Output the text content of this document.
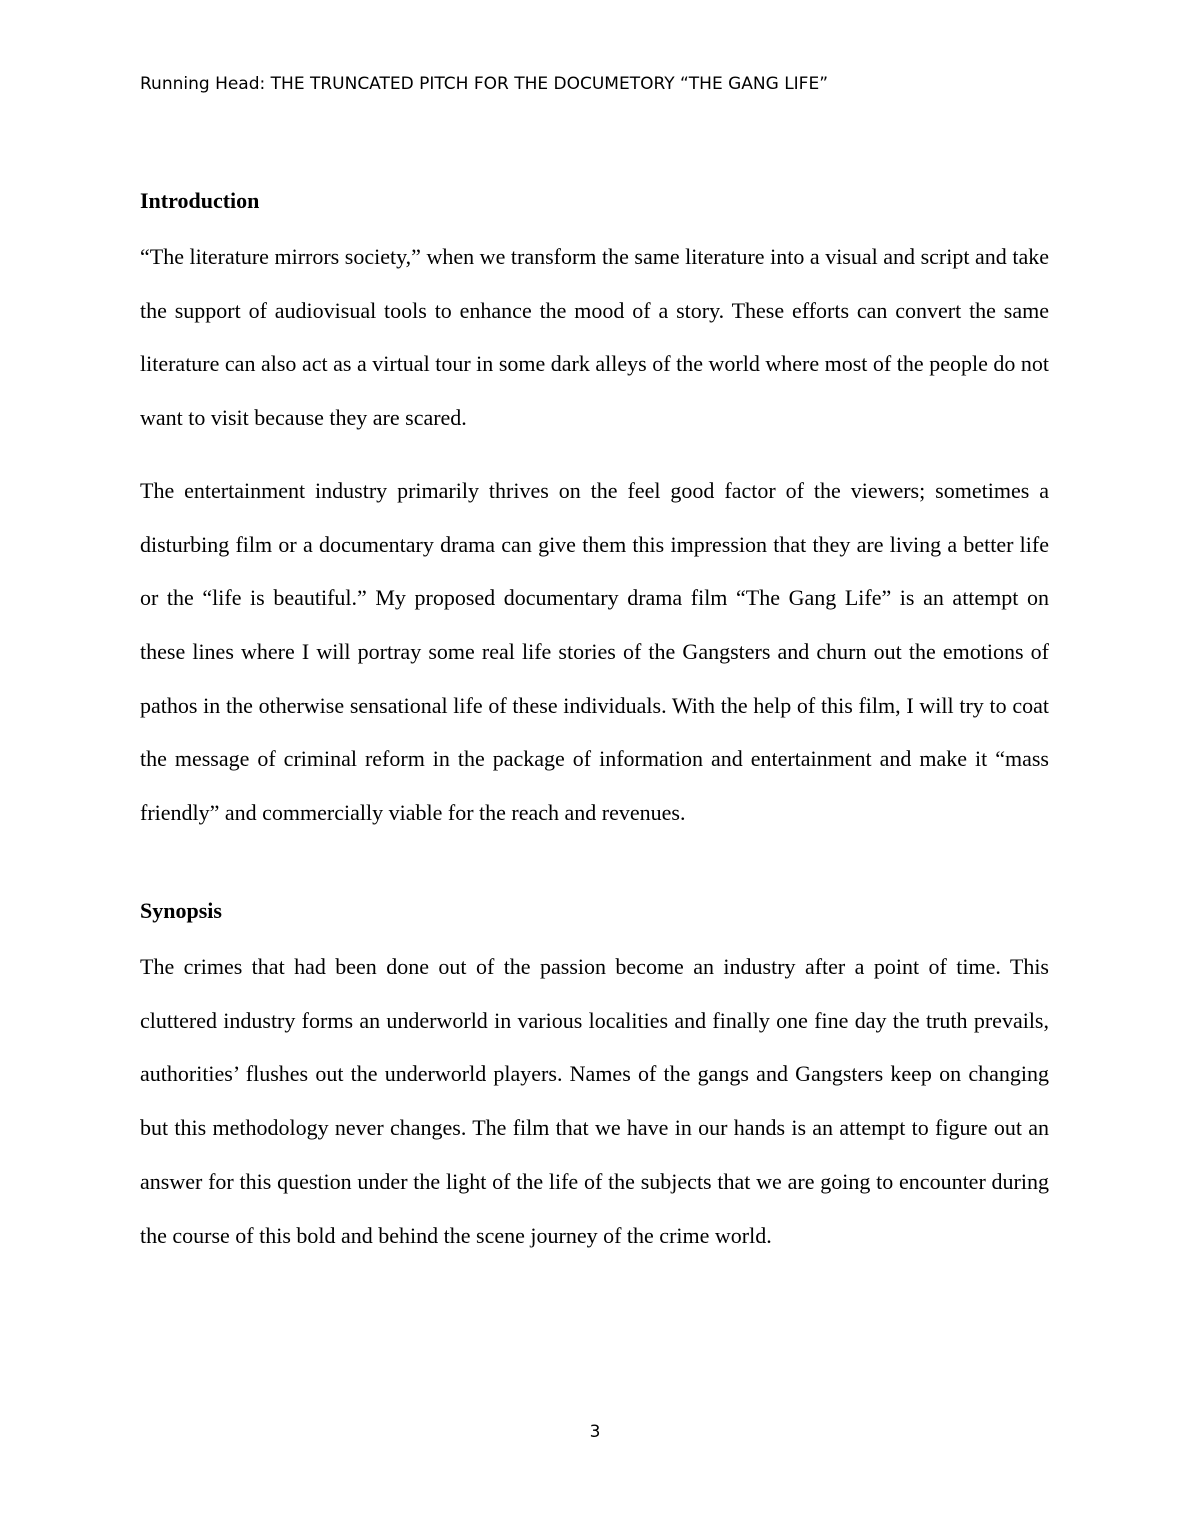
Running Head: THE TRUNCATED PITCH FOR THE DOCUMETORY “THE GANG LIFE”
Introduction

“The literature mirrors society,” when we transform the same literature into a visual and script and take the support of audiovisual tools to enhance the mood of a story. These efforts can convert the same literature can also act as a virtual tour in some dark alleys of the world where most of the people do not want to visit because they are scared.

The entertainment industry primarily thrives on the feel good factor of the viewers; sometimes a disturbing film or a documentary drama can give them this impression that they are living a better life or the “life is beautiful.” My proposed documentary drama film “The Gang Life” is an attempt on these lines where I will portray some real life stories of the Gangsters and churn out the emotions of pathos in the otherwise sensational life of these individuals. With the help of this film, I will try to coat the message of criminal reform in the package of information and entertainment and make it “mass friendly” and commercially viable for the reach and revenues.

Synopsis

The crimes that had been done out of the passion become an industry after a point of time. This cluttered industry forms an underworld in various localities and finally one fine day the truth prevails, authorities’ flushes out the underworld players. Names of the gangs and Gangsters keep on changing but this methodology never changes. The film that we have in our hands is an attempt to figure out an answer for this question under the light of the life of the subjects that we are going to encounter during the course of this bold and behind the scene journey of the crime world.

3
